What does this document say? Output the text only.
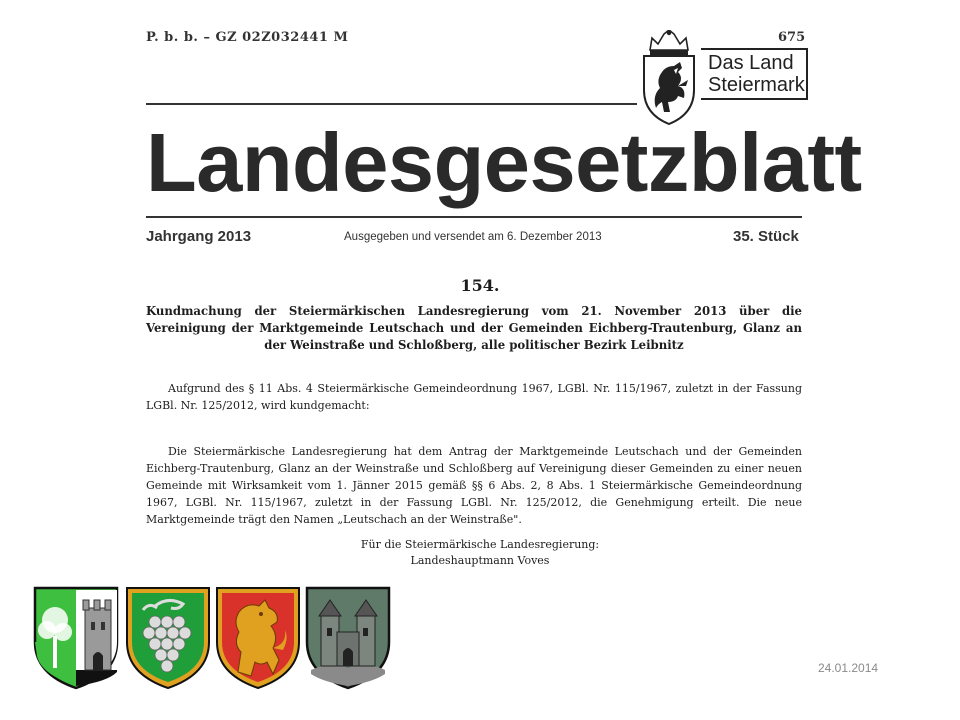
P. b. b. – GZ 02Z032441 M	675
Das Land
Steiermark
Landesgesetzblatt
Jahrgang 2013	Ausgegeben und versendet am 6. Dezember 2013	35. Stück
154.
Kundmachung der Steiermärkischen Landesregierung vom 21. November 2013 über die Vereinigung der Marktgemeinde Leutschach und der Gemeinden Eichberg-Trautenburg, Glanz an der Weinstraße und Schloßberg, alle politischer Bezirk Leibnitz
Aufgrund des § 11 Abs. 4 Steiermärkische Gemeindeordnung 1967, LGBl. Nr. 115/1967, zuletzt in der Fassung LGBl. Nr. 125/2012, wird kundgemacht:
Die Steiermärkische Landesregierung hat dem Antrag der Marktgemeinde Leutschach und der Gemeinden Eichberg-Trautenburg, Glanz an der Weinstraße und Schloßberg auf Vereinigung dieser Gemeinden zu einer neuen Gemeinde mit Wirksamkeit vom 1. Jänner 2015 gemäß §§ 6 Abs. 2, 8 Abs. 1 Steiermärkische Gemeindeordnung 1967, LGBl. Nr. 115/1967, zuletzt in der Fassung LGBl. Nr. 125/2012, die Genehmigung erteilt. Die neue Marktgemeinde trägt den Namen „Leutschach an der Weinstraße".
Für die Steiermärkische Landesregierung:
Landeshauptmann Voves
24.01.2014
